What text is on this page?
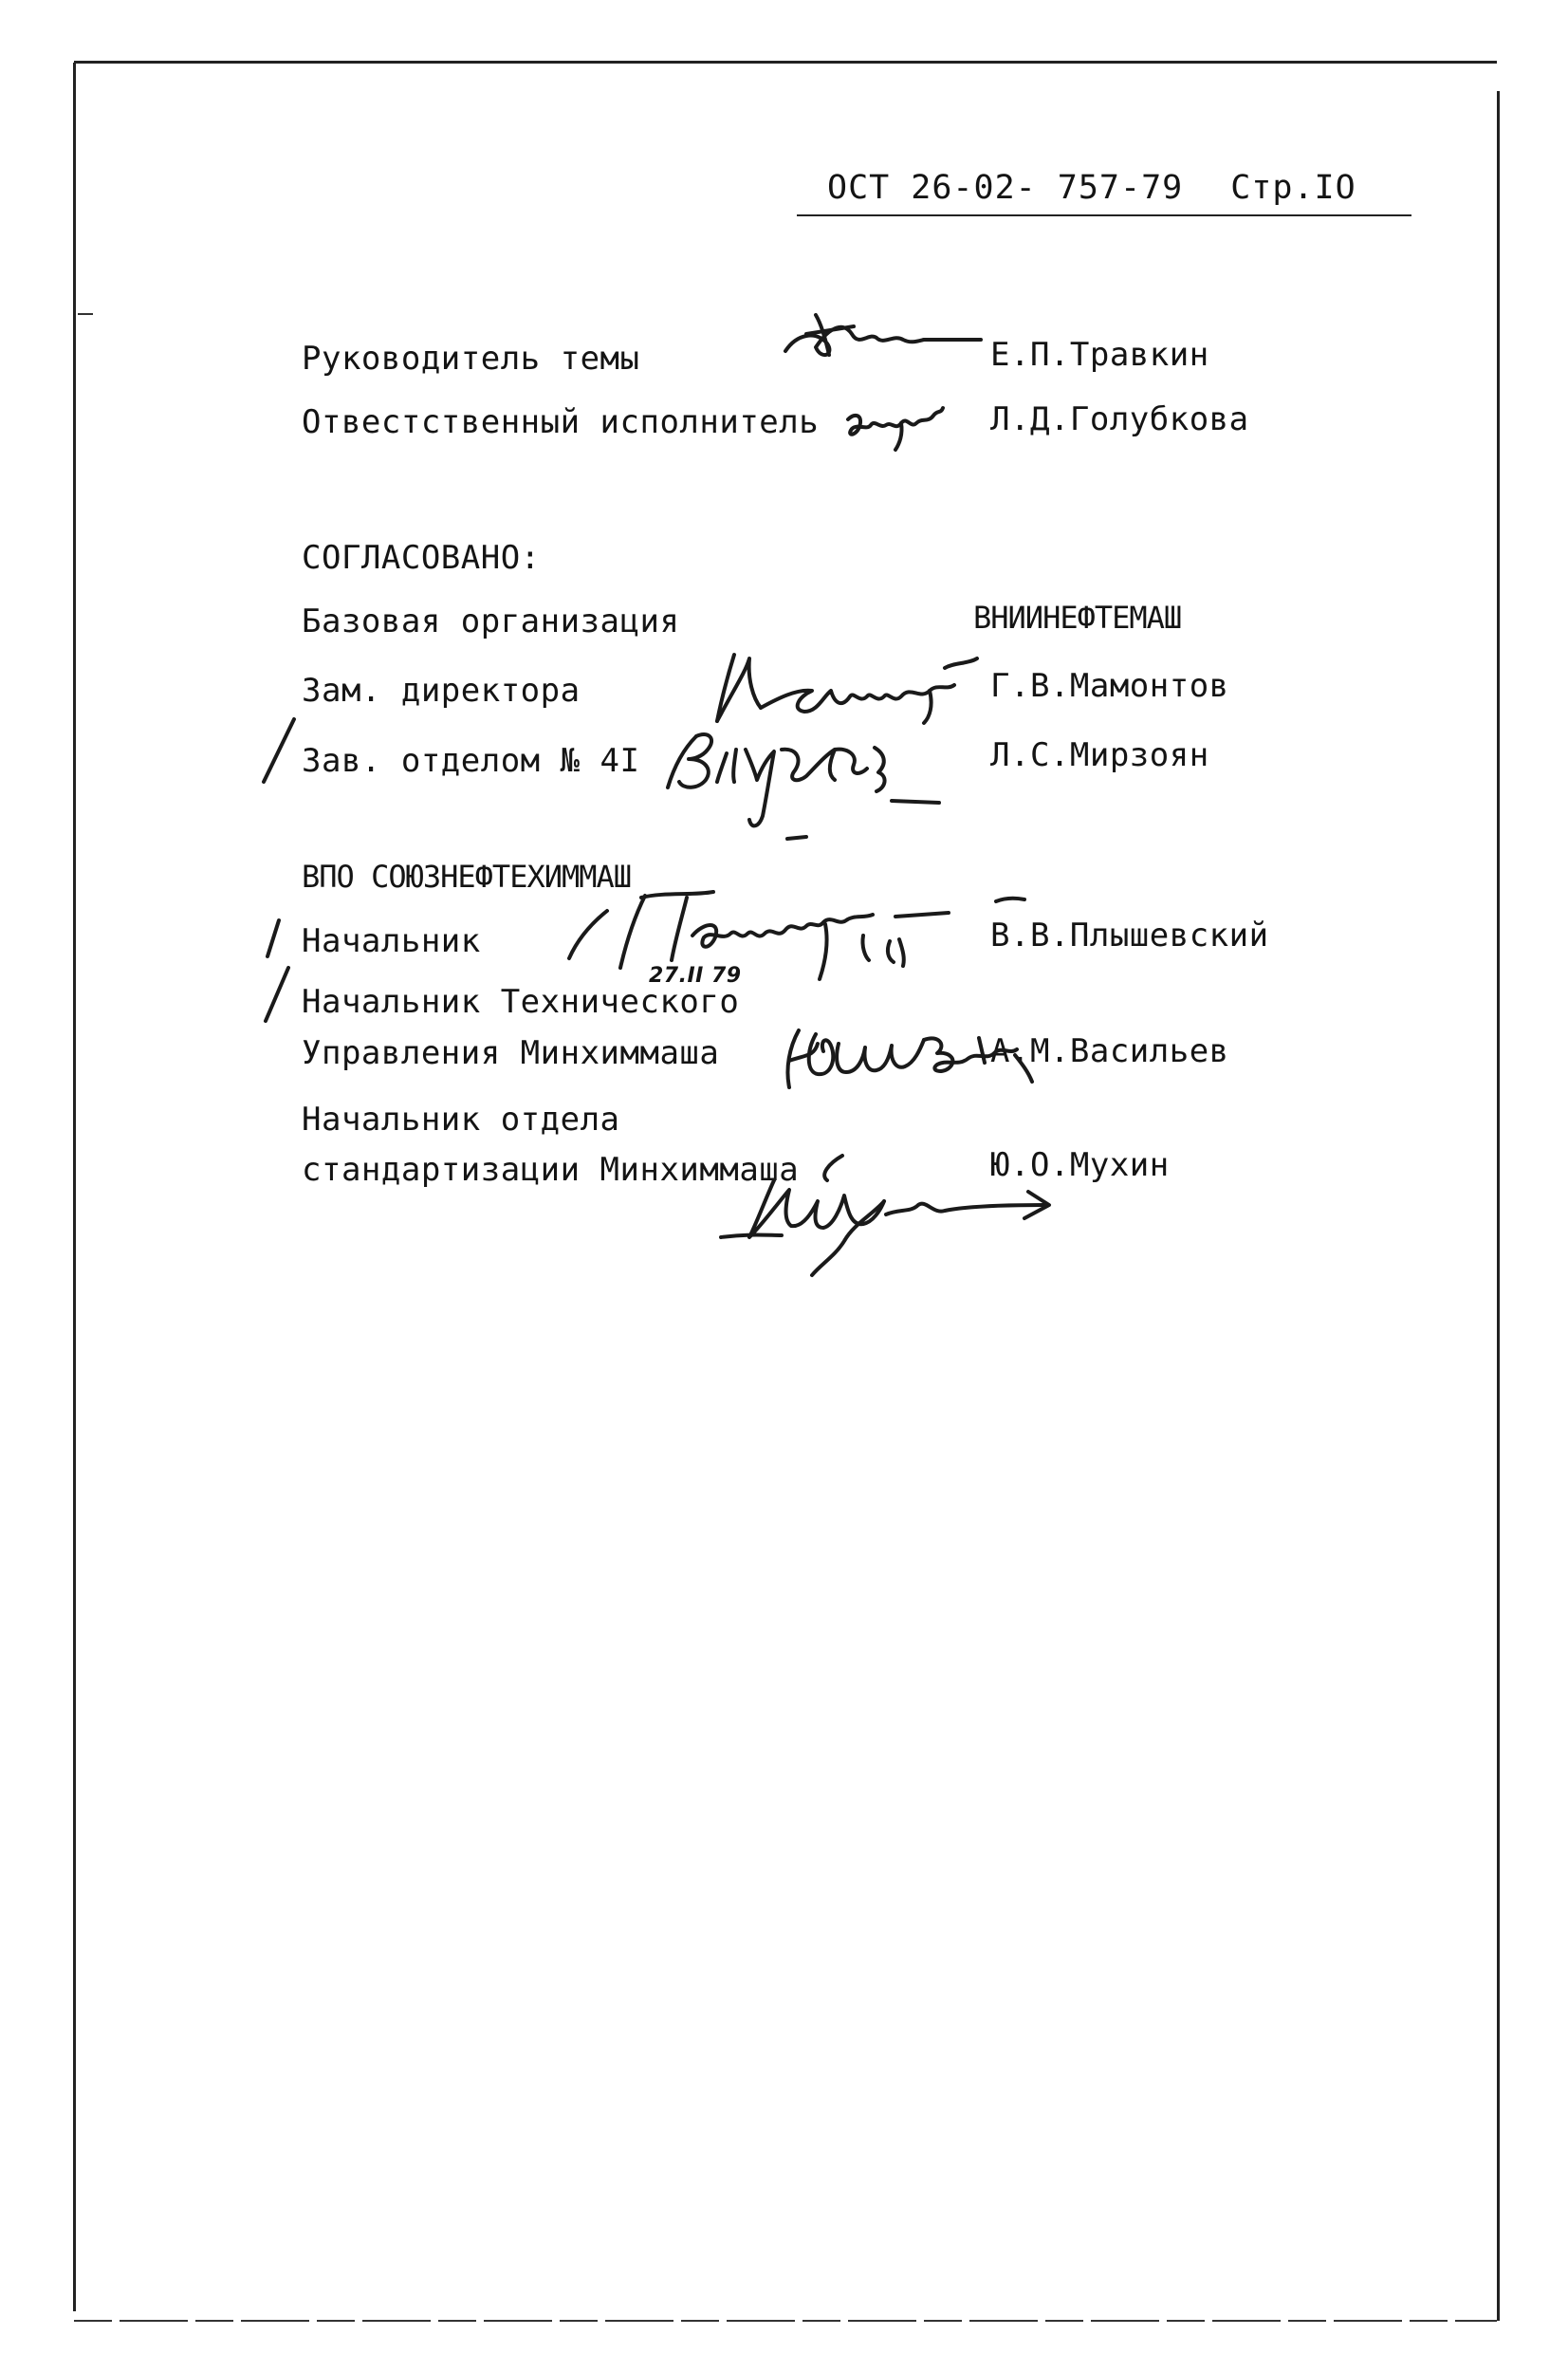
ОСТ 26-02- 757-79 Стр.IO
Руководитель темы	Е.П.Травкин
Отвестственный исполнитель	Л.Д.Голубкова
СОГЛАСОВАНО:
Базовая организация	ВНИИНЕФТЕМАШ
Зам. директора	Г.В.Мамонтов
Зав. отделом № 4I	Л.С.Мирзоян
ВПО СОЮЗНЕФТЕХИММАШ
Начальник	В.В.Плышевский
27.II 79
Начальник Технического
Управления Минхиммаша	А.М.Васильев
Начальник отдела
стандартизации Минхиммаша	Ю.О.Мухин
